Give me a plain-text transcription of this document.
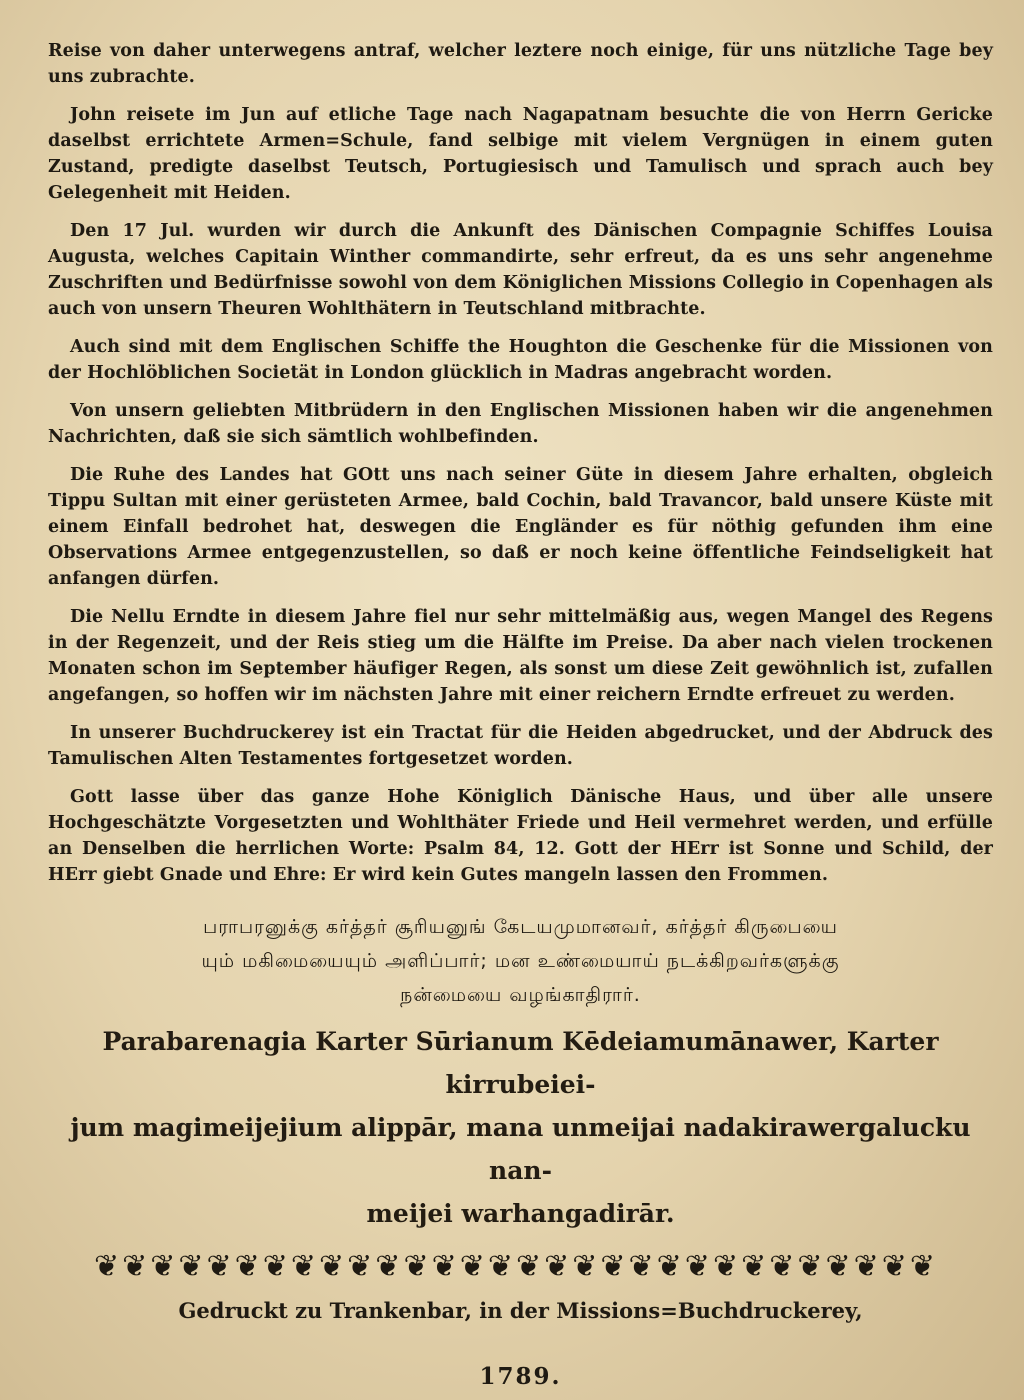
Reise von daher unterwegens antraf, welcher leztere noch einige, für uns nützliche Tage bey uns zubrachte.

John reisete im Jun auf etliche Tage nach Nagapatnam besuchte die von Herrn Gericke daselbst errichtete Armen=Schule, fand selbige mit vielem Vergnügen in einem guten Zustand, predigte daselbst Teutsch, Portugiesisch und Tamulisch und sprach auch bey Gelegenheit mit Heiden.

Den 17 Jul. wurden wir durch die Ankunft des Dänischen Compagnie Schiffes Louisa Augusta, welches Capitain Winther commandirte, sehr erfreut, da es uns sehr angenehme Zuschriften und Bedürfnisse sowohl von dem Königlichen Missions Collegio in Copenhagen als auch von unsern Theuren Wohlthätern in Teutschland mitbrachte.

Auch sind mit dem Englischen Schiffe the Houghton die Geschenke für die Missionen von der Hochlöblichen Societät in London glücklich in Madras angebracht worden.

Von unsern geliebten Mitbrüdern in den Englischen Missionen haben wir die angenehmen Nachrichten, daß sie sich sämtlich wohlbefinden.

Die Ruhe des Landes hat GOtt uns nach seiner Güte in diesem Jahre erhalten, obgleich Tippu Sultan mit einer gerüsteten Armee, bald Cochin, bald Travancor, bald unsere Küste mit einem Einfall bedrohet hat, deswegen die Engländer es für nöthig gefunden ihm eine Observations Armee entgegenzustellen, so daß er noch keine öffentliche Feindseligkeit hat anfangen dürfen.

Die Nellu Erndte in diesem Jahre fiel nur sehr mittelmäßig aus, wegen Mangel des Regens in der Regenzeit, und der Reis stieg um die Hälfte im Preise. Da aber nach vielen trockenen Monaten schon im September häufiger Regen, als sonst um diese Zeit gewöhnlich ist, zufallen angefangen, so hoffen wir im nächsten Jahre mit einer reichern Erndte erfreuet zu werden.

In unserer Buchdruckerey ist ein Tractat für die Heiden abgedrucket, und der Abdruck des Tamulischen Alten Testamentes fortgesetzet worden.

Gott lasse über das ganze Hohe Königlich Dänische Haus, und über alle unsere Hochgeschätzte Vorgesetzten und Wohlthäter Friede und Heil vermehret werden, und erfülle an Denselben die herrlichen Worte: Psalm 84, 12. Gott der HErr ist Sonne und Schild, der HErr giebt Gnade und Ehre: Er wird kein Gutes mangeln lassen den Frommen.

பராபரனுக்கு கர்த்தர் சூரியனுங் கேடயமுமானவர், கர்த்தர் கிருபையை
யும் மகிமையையும் அளிப்பார்; மன உண்மையாய் நடக்கிறவர்களுக்கு
நன்மையை வழங்காதிரார்.
Parabarenagia Karter Sūrianum Kēdeiamumānawer, Karter kirrubeiei-
jum magimeijejium alippār, mana unmeijai nadakirawergalucku nan-
meijei warhangadirār.
❦❦❦❦❦❦❦❦❦❦❦❦❦❦❦❦❦❦❦❦❦❦❦❦❦❦❦❦❦❦
Gedruckt zu Trankenbar, in der Missions=Buchdruckerey,
1789.
